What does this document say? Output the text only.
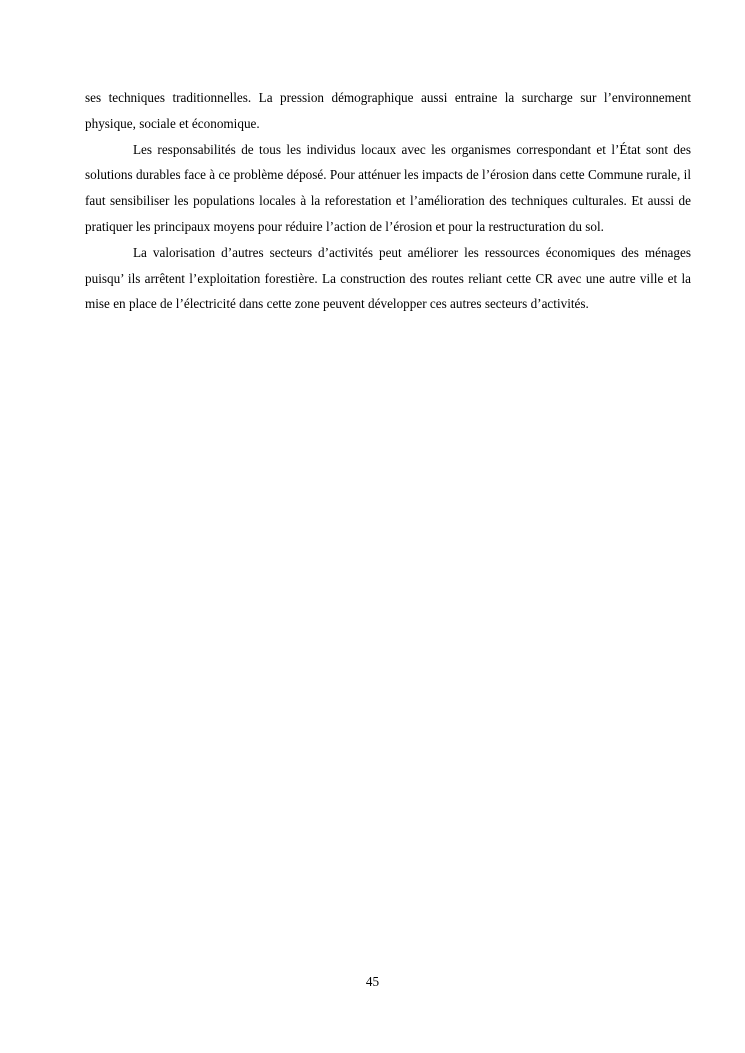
ses techniques traditionnelles. La pression démographique aussi entraine la surcharge sur l’environnement physique, sociale et économique.

Les responsabilités de tous les individus locaux avec les organismes correspondant et l’État sont des solutions durables face à ce problème déposé. Pour atténuer les impacts de l’érosion dans cette Commune rurale, il faut sensibiliser les populations locales à la reforestation et l’amélioration des techniques culturales. Et aussi de pratiquer les principaux moyens pour réduire l’action de l’érosion et pour la restructuration du sol.

La valorisation d’autres secteurs d’activités peut améliorer les ressources économiques des ménages puisqu’ ils arrêtent l’exploitation forestière. La construction des routes reliant cette CR avec une autre ville et la mise en place de l’électricité dans cette zone peuvent développer ces autres secteurs d’activités.

45
